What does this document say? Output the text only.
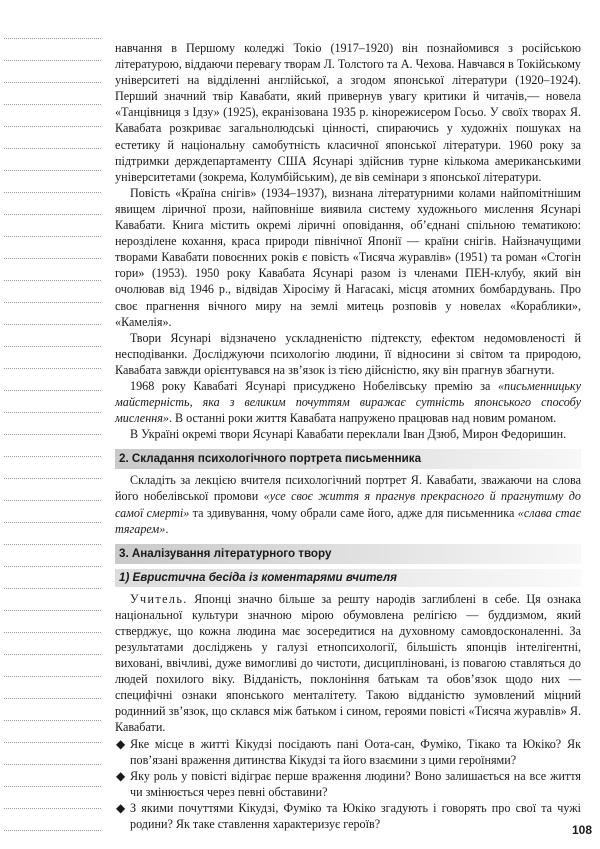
навчання в Першому коледжі Токіо (1917–1920) він познайомився з російською літературою, віддаючи перевагу творам Л. Толстого та А. Чехова. Навчався в Токійському університеті на відділенні англійської, а згодом японської літератури (1920–1924). Перший значний твір Кавабати, який привернув увагу критики й читачів,— новела «Танцівниця з Ідзу» (1925), екранізована 1935 р. кінорежисером Госьо. У своїх творах Я. Кавабата розкриває загальнолюдські цінності, спираючись у художніх пошуках на естетику й національну самобутність класичної японської літератури. 1960 року за підтримки держдепартаменту США Ясунарі здійснив турне кількома американськими університетами (зокрема, Колумбійським), де вів семінари з японської літератури.

Повість «Країна снігів» (1934–1937), визнана літературними колами найпомітнішим явищем ліричної прози, найповніше виявила систему художнього мислення Ясунарі Кавабати. Книга містить окремі ліричні оповідання, об’єднані спільною тематикою: нерозділене кохання, краса природи північної Японії — країни снігів. Найзначущими творами Кавабати повоєнних років є повість «Тисяча журавлів» (1951) та роман «Стогін гори» (1953). 1950 року Кавабата Ясунарі разом із членами ПЕН-клубу, який він очолював від 1946 р., відвідав Хіросіму й Нагасакі, місця атомних бомбардувань. Про своє прагнення вічного миру на землі митець розповів у новелах «Кораблики», «Камелія».

Твори Ясунарі відзначено ускладненістю підтексту, ефектом недомовленості й несподіванки. Досліджуючи психологію людини, її відносини зі світом та природою, Кавабата завжди орієнтувався на зв’язок із тією дійсністю, яку він прагнув збагнути.

1968 року Кавабаті Ясунарі присуджено Нобелівську премію за «письменницьку майстерність, яка з великим почуттям виражає сутність японського способу мислення». В останні роки життя Кавабата напружено працював над новим романом.

В Україні окремі твори Ясунарі Кавабати переклали Іван Дзюб, Мирон Федоришин.

2. Складання психологічного портрета письменника

Складіть за лекцією вчителя психологічний портрет Я. Кавабати, зважаючи на слова його нобелівської промови «усе своє життя я прагнув прекрасного й прагнутиму до самої смерті» та здивування, чому обрали саме його, адже для письменника «слава стає тягарем».

3. Аналізування літературного твору
1) Евристична бесіда із коментарями вчителя

Учитель. Японці значно більше за решту народів заглиблені в себе. Ця ознака національної культури значною мірою обумовлена релігією — буддизмом, який стверджує, що кожна людина має зосередитися на духовному самовдосконаленні. За результатами досліджень у галузі етнопсихології, більшість японців інтелігентні, виховані, ввічливі, дуже вимогливі до чистоти, дисципліновані, із повагою ставляться до людей похилого віку. Відданість, поклоніння батькам та обов’язок щодо них — специфічні ознаки японського менталітету. Такою відданістю зумовлений міцний родинний зв’язок, що склався між батьком і сином, героями повісті «Тисяча журавлів» Я. Кавабати.

◆ Яке місце в житті Кікудзі посідають пані Оота-сан, Фуміко, Тікако та Юкіко? Як пов’язані враження дитинства Кікудзі та його взаємини з цими героїнями?
◆ Яку роль у повісті відіграє перше враження людини? Воно залишається на все життя чи змінюється через певні обставини?
◆ З якими почуттями Кікудзі, Фуміко та Юкіко згадують і говорять про свої та чужі родини? Як таке ставлення характеризує героїв?	108
